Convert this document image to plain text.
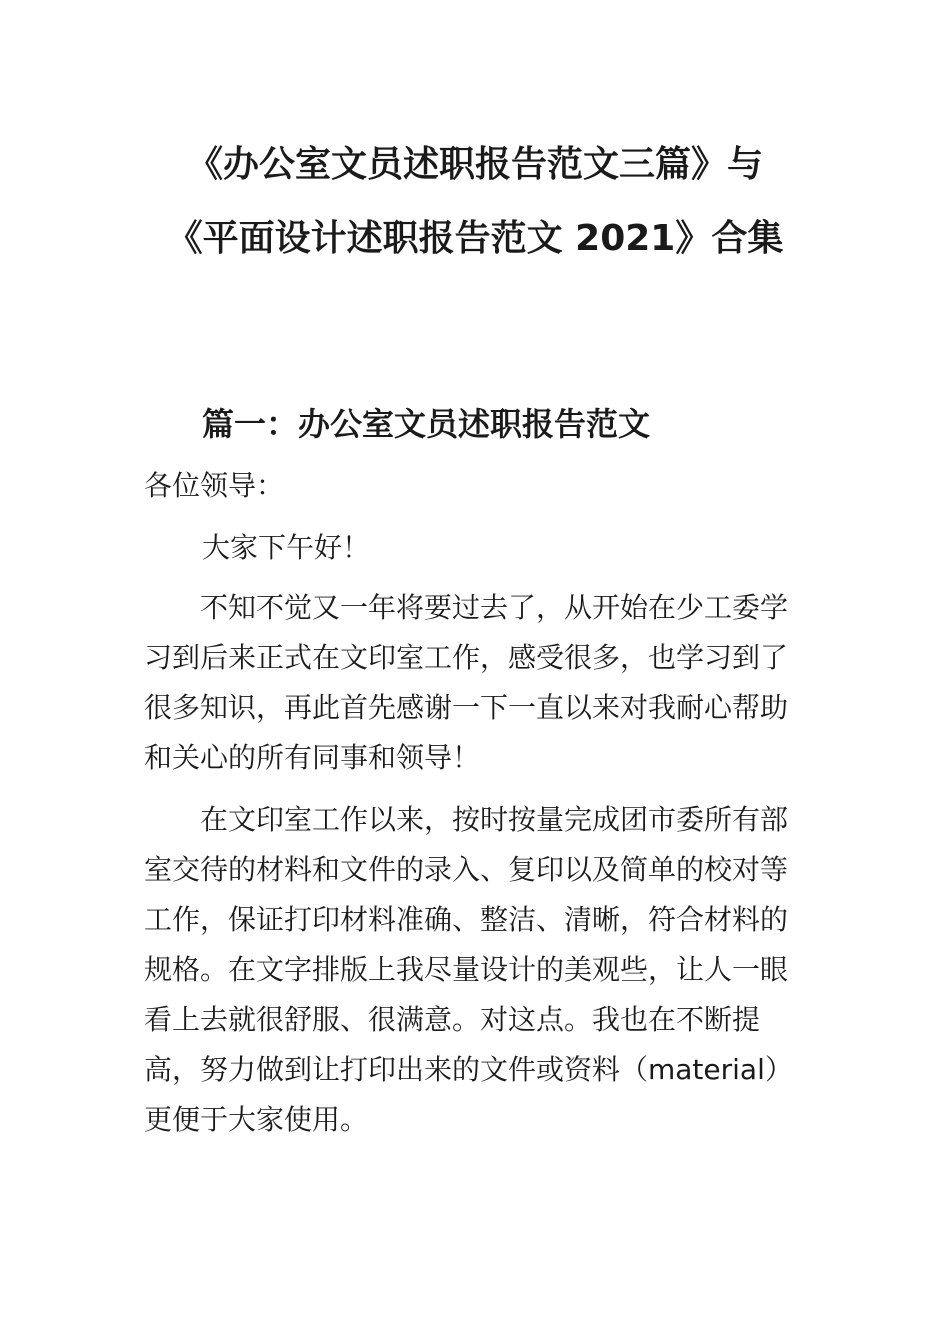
《办公室文员述职报告范文三篇》与
《平面设计述职报告范文 2021》合集
篇一：办公室文员述职报告范文
各位领导：
大家下午好！

不知不觉又一年将要过去了，从开始在少工委学习到后来正式在文印室工作，感受很多，也学习到了很多知识，再此首先感谢一下一直以来对我耐心帮助和关心的所有同事和领导！

在文印室工作以来，按时按量完成团市委所有部室交待的材料和文件的录入、复印以及简单的校对等工作，保证打印材料准确、整洁、清晰，符合材料的规格。在文字排版上我尽量设计的美观些，让人一眼看上去就很舒服、很满意。对这点。我也在不断提高，努力做到让打印出来的文件或资料（material）更便于大家使用。
